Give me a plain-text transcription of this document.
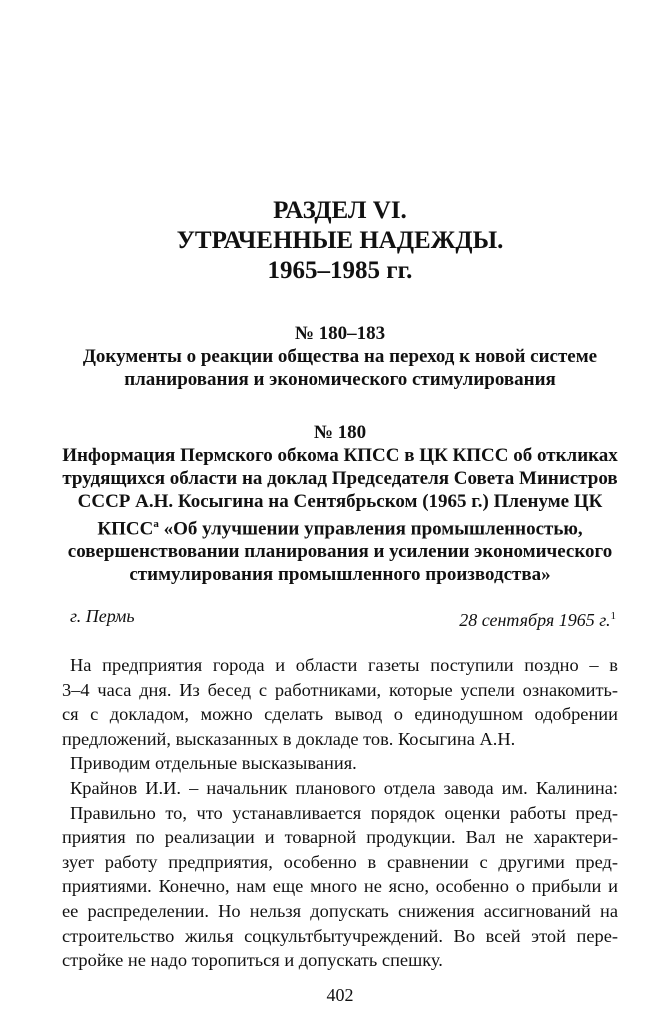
РАЗДЕЛ VI.
УТРАЧЕННЫЕ НАДЕЖДЫ.
1965–1985 гг.
№ 180–183
Документы о реакции общества на переход к новой системе
планирования и экономического стимулирования
№ 180
Информация Пермского обкома КПСС в ЦК КПСС об откликах
трудящихся области на доклад Председателя Совета Министров
СССР А.Н. Косыгина на Сентябрьском (1965 г.) Пленуме ЦК
$КПСС^а$ «Об улучшении управления промышленностью,
совершенствовании планирования и усилении экономического
стимулирования промышленного производства»
г. Пермь	28 сентября 1965 г.$^1$
На предприятия города и области газеты поступили поздно – в
3–4 часа дня. Из бесед с работниками, которые успели ознакомить-
ся с докладом, можно сделать вывод о единодушном одобрении
предложений, высказанных в докладе тов. Косыгина А.Н.
Приводим отдельные высказывания.
Крайнов И.И. – начальник планового отдела завода им. Калинина:
Правильно то, что устанавливается порядок оценки работы пред-
приятия по реализации и товарной продукции. Вал не характери-
зует работу предприятия, особенно в сравнении с другими пред-
приятиями. Конечно, нам еще много не ясно, особенно о прибыли и
ее распределении. Но нельзя допускать снижения ассигнований на
строительство жилья соцкультбытучреждений. Во всей этой пере-
стройке не надо торопиться и допускать спешку.
402
